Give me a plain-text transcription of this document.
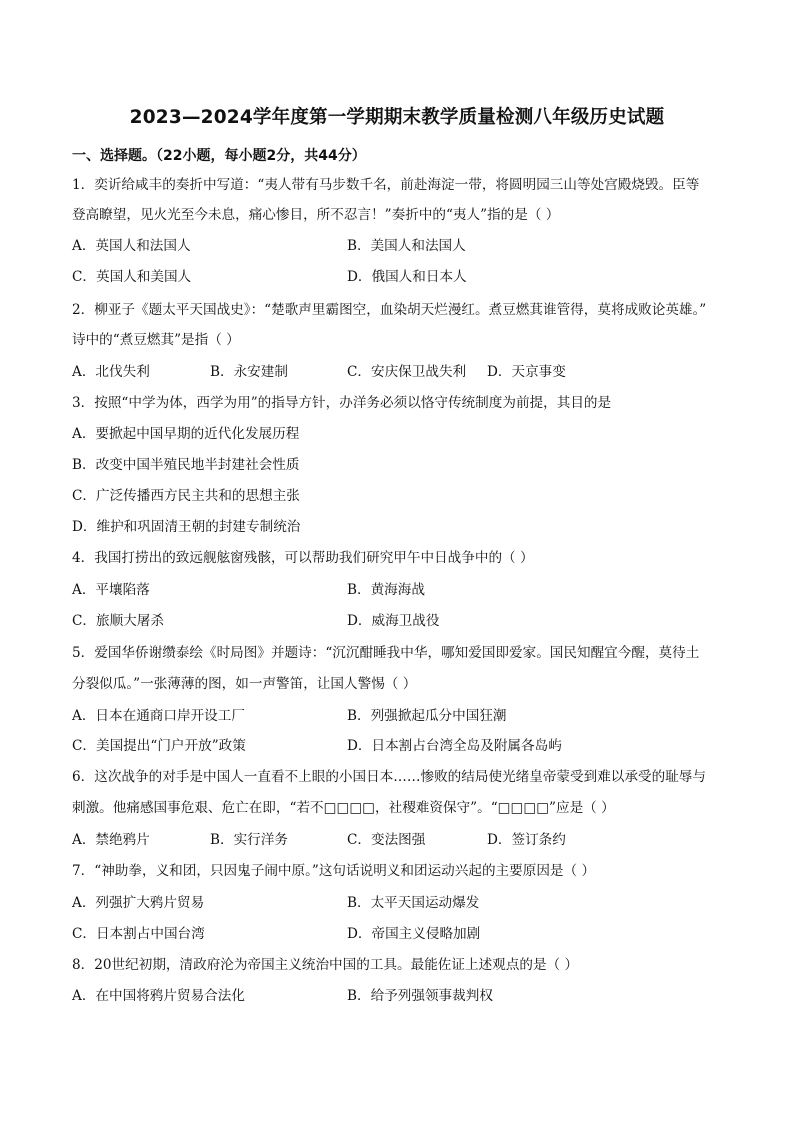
2023—2024学年度第一学期期末教学质量检测八年级历史试题
一、选择题。（22小题，每小题2分，共44分）
1．奕䜣给咸丰的奏折中写道：“夷人带有马步数千名，前赴海淀一带，将圆明园三山等处宫殿烧毁。臣等
登高瞭望，见火光至今未息，痛心惨目，所不忍言！”奏折中的“夷人”指的是（ ）
A．英国人和法国人	B．美国人和法国人
C．英国人和美国人	D．俄国人和日本人
2．柳亚子《题太平天国战史》：“楚歌声里霸图空，血染胡天烂漫红。煮豆燃萁谁管得，莫将成败论英雄。”
诗中的“煮豆燃萁”是指（ ）
A．北伐失利	B．永安建制	C．安庆保卫战失利 D．天京事变
3．按照“中学为体，西学为用”的指导方针，办洋务必须以恪守传统制度为前提，其目的是
A．要掀起中国早期的近代化发展历程
B．改变中国半殖民地半封建社会性质
C．广泛传播西方民主共和的思想主张
D．维护和巩固清王朝的封建专制统治
4．我国打捞出的致远舰舷窗残骸，可以帮助我们研究甲午中日战争中的（ ）
A．平壤陷落	B．黄海海战
C．旅顺大屠杀	D．威海卫战役
5．爱国华侨谢缵泰绘《时局图》并题诗：“沉沉酣睡我中华，哪知爱国即爱家。国民知醒宜今醒，莫待土
分裂似瓜。”一张薄薄的图，如一声警笛，让国人警惕（ ）
A．日本在通商口岸开设工厂	B．列强掀起瓜分中国狂潮
C．美国提出“门户开放”政策	D．日本割占台湾全岛及附属各岛屿
6．这次战争的对手是中国人一直看不上眼的小国日本……惨败的结局使光绪皇帝蒙受到难以承受的耻辱与
刺激。他痛感国事危艰、危亡在即，“若不□□□□，社稷难资保守”。“□□□□”应是（ ）
A．禁绝鸦片	B．实行洋务	C．变法图强	D．签订条约
7．“神助拳，义和团，只因鬼子闹中原。”这句话说明义和团运动兴起的主要原因是（ ）
A．列强扩大鸦片贸易	B．太平天国运动爆发
C．日本割占中国台湾	D．帝国主义侵略加剧
8．20世纪初期，清政府沦为帝国主义统治中国的工具。最能佐证上述观点的是（ ）
A．在中国将鸦片贸易合法化	B．给予列强领事裁判权
